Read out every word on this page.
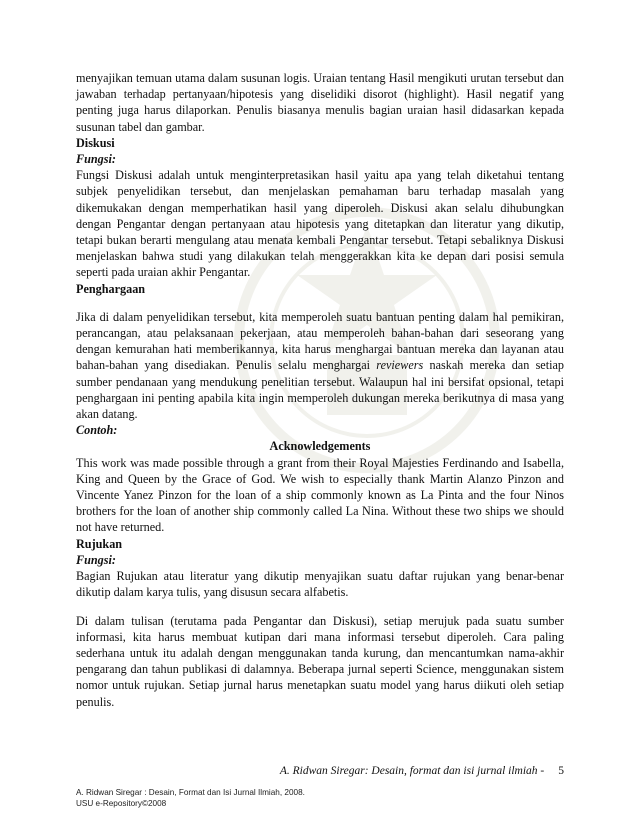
menyajikan temuan utama dalam susunan logis. Uraian tentang Hasil mengikuti urutan tersebut dan jawaban terhadap pertanyaan/hipotesis yang diselidiki disorot (highlight). Hasil negatif yang penting juga harus dilaporkan. Penulis biasanya menulis bagian uraian hasil didasarkan kepada susunan tabel dan gambar.

Diskusi

Fungsi:

Fungsi Diskusi adalah untuk menginterpretasikan hasil yaitu apa yang telah diketahui tentang subjek penyelidikan tersebut, dan menjelaskan pemahaman baru terhadap masalah yang dikemukakan dengan memperhatikan hasil yang diperoleh. Diskusi akan selalu dihubungkan dengan Pengantar dengan pertanyaan atau hipotesis yang ditetapkan dan literatur yang dikutip, tetapi bukan berarti mengulang atau menata kembali Pengantar tersebut. Tetapi sebaliknya Diskusi menjelaskan bahwa studi yang dilakukan telah menggerakkan kita ke depan dari posisi semula seperti pada uraian akhir Pengantar.

Penghargaan

Jika di dalam penyelidikan tersebut, kita memperoleh suatu bantuan penting dalam hal pemikiran, perancangan, atau pelaksanaan pekerjaan, atau memperoleh bahan-bahan dari seseorang yang dengan kemurahan hati memberikannya, kita harus menghargai bantuan mereka dan layanan atau bahan-bahan yang disediakan. Penulis selalu menghargai reviewers naskah mereka dan setiap sumber pendanaan yang mendukung penelitian tersebut. Walaupun hal ini bersifat opsional, tetapi penghargaan ini penting apabila kita ingin memperoleh dukungan mereka berikutnya di masa yang akan datang.

Contoh:

Acknowledgements

This work was made possible through a grant from their Royal Majesties Ferdinando and Isabella, King and Queen by the Grace of God. We wish to especially thank Martin Alanzo Pinzon and Vincente Yanez Pinzon for the loan of a ship commonly known as La Pinta and the four Ninos brothers for the loan of another ship commonly called La Nina. Without these two ships we should not have returned.

Rujukan

Fungsi:

Bagian Rujukan atau literatur yang dikutip menyajikan suatu daftar rujukan yang benar-benar dikutip dalam karya tulis, yang disusun secara alfabetis.

Di dalam tulisan (terutama pada Pengantar dan Diskusi), setiap merujuk pada suatu sumber informasi, kita harus membuat kutipan dari mana informasi tersebut diperoleh. Cara paling sederhana untuk itu adalah dengan menggunakan tanda kurung, dan mencantumkan nama-akhir pengarang dan tahun publikasi di dalamnya. Beberapa jurnal seperti Science, menggunakan sistem nomor untuk rujukan. Setiap jurnal harus menetapkan suatu model yang harus diikuti oleh setiap penulis.

A. Ridwan Siregar: Desain, format dan isi jurnal ilmiah - 5
A. Ridwan Siregar : Desain, Format dan Isi Jurnal Ilmiah, 2008.
USU e-Repository©2008
